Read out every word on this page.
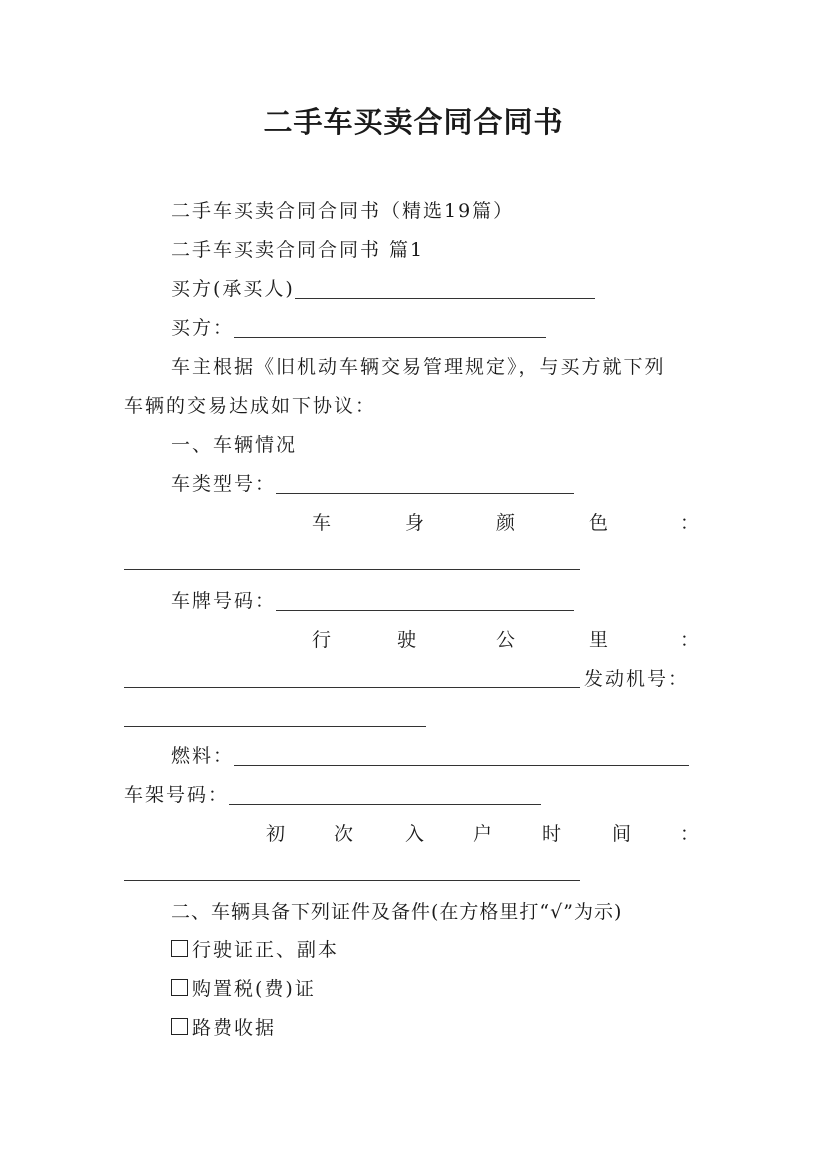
二手车买卖合同合同书
二手车买卖合同合同书（精选19篇）
二手车买卖合同合同书 篇1
买方(承买人)
买方：
车主根据《旧机动车辆交易管理规定》，与买方就下列
车辆的交易达成如下协议：
一、车辆情况
车类型号：
车	身	颜	色	：
车牌号码：
行	驶	公	里	：
发动机号：
燃料：
车架号码：
初	次	入	户	时	间	：
二、车辆具备下列证件及备件(在方格里打“√”为示)
行驶证正、副本
购置税(费)证
路费收据
